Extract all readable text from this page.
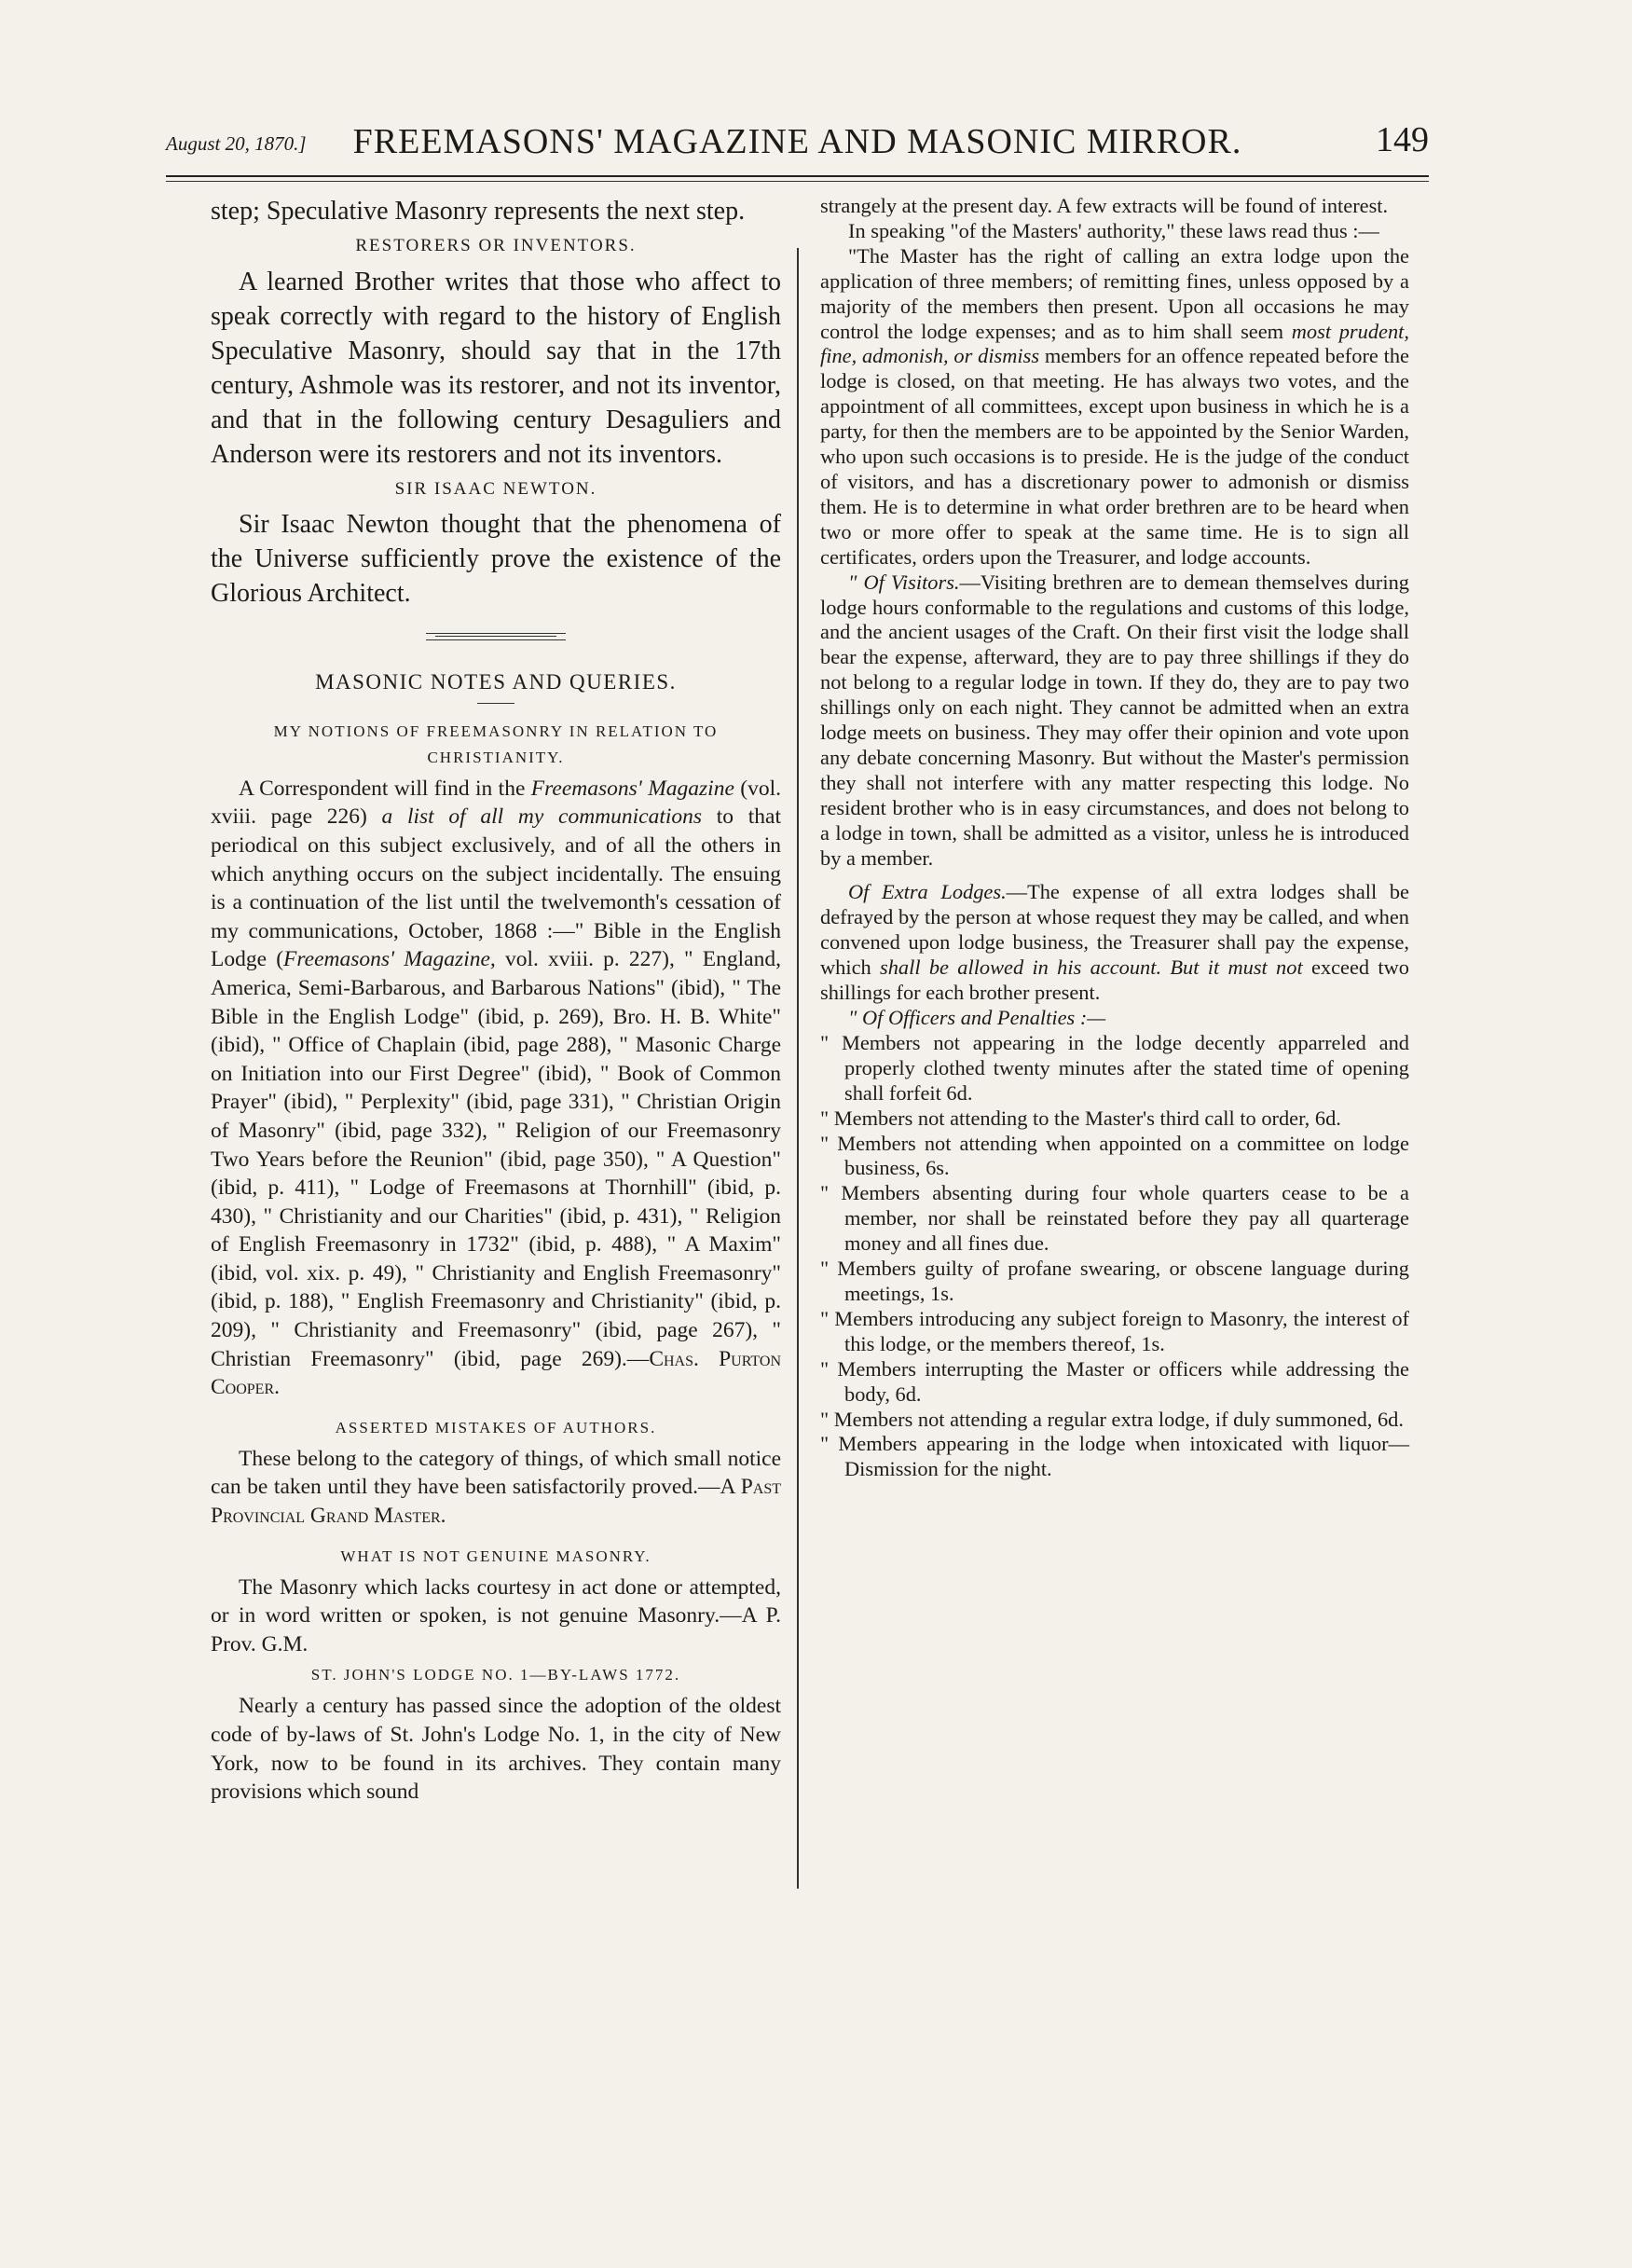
August 20, 1870.]	FREEMASONS' MAGAZINE AND MASONIC MIRROR.	149

step; Speculative Masonry represents the next step.

RESTORERS OR INVENTORS.

A learned Brother writes that those who affect to speak correctly with regard to the history of English Speculative Masonry, should say that in the 17th century, Ashmole was its restorer, and not its inventor, and that in the following century Desaguliers and Anderson were its restorers and not its inventors.

SIR ISAAC NEWTON.

Sir Isaac Newton thought that the phenomena of the Universe sufficiently prove the existence of the Glorious Architect.

MASONIC NOTES AND QUERIES.
MY NOTIONS OF FREEMASONRY IN RELATION TO CHRISTIANITY.

A Correspondent will find in the Freemasons' Magazine (vol. xviii. page 226) a list of all my communications to that periodical on this subject exclusively, and of all the others in which anything occurs on the subject incidentally. The ensuing is a continuation of the list until the twelvemonth's cessation of my communications, October, 1868 :—" Bible in the English Lodge (Freemasons' Magazine, vol. xviii. p. 227), " England, America, Semi-Barbarous, and Barbarous Nations" (ibid), " The Bible in the English Lodge" (ibid, p. 269), Bro. H. B. White" (ibid), " Office of Chaplain (ibid, page 288), " Masonic Charge on Initiation into our First Degree" (ibid), " Book of Common Prayer" (ibid), " Perplexity" (ibid, page 331), " Christian Origin of Masonry" (ibid, page 332), " Religion of our Freemasonry Two Years before the Reunion" (ibid, page 350), " A Question" (ibid, p. 411), " Lodge of Freemasons at Thornhill" (ibid, p. 430), " Christianity and our Charities" (ibid, p. 431), " Religion of English Freemasonry in 1732" (ibid, p. 488), " A Maxim" (ibid, vol. xix. p. 49), " Christianity and English Freemasonry" (ibid, p. 188), " English Freemasonry and Christianity" (ibid, p. 209), " Christianity and Freemasonry" (ibid, page 267), " Christian Freemasonry" (ibid, page 269).—Chas. Purton Cooper.

ASSERTED MISTAKES OF AUTHORS.

These belong to the category of things, of which small notice can be taken until they have been satisfactorily proved.—A Past Provincial Grand Master.

WHAT IS NOT GENUINE MASONRY.

The Masonry which lacks courtesy in act done or attempted, or in word written or spoken, is not genuine Masonry.—A P. Prov. G.M.

ST. JOHN'S LODGE NO. 1—BY-LAWS 1772.

Nearly a century has passed since the adoption of the oldest code of by-laws of St. John's Lodge No. 1, in the city of New York, now to be found in its archives. They contain many provisions which sound

strangely at the present day. A few extracts will be found of interest.

In speaking "of the Masters' authority," these laws read thus :—

"The Master has the right of calling an extra lodge upon the application of three members; of remitting fines, unless opposed by a majority of the members then present. Upon all occasions he may control the lodge expenses; and as to him shall seem most prudent, fine, admonish, or dismiss members for an offence repeated before the lodge is closed, on that meeting. He has always two votes, and the appointment of all committees, except upon business in which he is a party, for then the members are to be appointed by the Senior Warden, who upon such occasions is to preside. He is the judge of the conduct of visitors, and has a discretionary power to admonish or dismiss them. He is to determine in what order brethren are to be heard when two or more offer to speak at the same time. He is to sign all certificates, orders upon the Treasurer, and lodge accounts.

" Of Visitors.—Visiting brethren are to demean themselves during lodge hours conformable to the regulations and customs of this lodge, and the ancient usages of the Craft. On their first visit the lodge shall bear the expense, afterward, they are to pay three shillings if they do not belong to a regular lodge in town. If they do, they are to pay two shillings only on each night. They cannot be admitted when an extra lodge meets on business. They may offer their opinion and vote upon any debate concerning Masonry. But without the Master's permission they shall not interfere with any matter respecting this lodge. No resident brother who is in easy circumstances, and does not belong to a lodge in town, shall be admitted as a visitor, unless he is introduced by a member.

Of Extra Lodges.—The expense of all extra lodges shall be defrayed by the person at whose request they may be called, and when convened upon lodge business, the Treasurer shall pay the expense, which shall be allowed in his account. But it must not exceed two shillings for each brother present.

" Of Officers and Penalties :—

" Members not appearing in the lodge decently apparreled and properly clothed twenty minutes after the stated time of opening shall forfeit 6d.

" Members not attending to the Master's third call to order, 6d.

" Members not attending when appointed on a committee on lodge business, 6s.

" Members absenting during four whole quarters cease to be a member, nor shall be reinstated before they pay all quarterage money and all fines due.

" Members guilty of profane swearing, or obscene language during meetings, 1s.

" Members introducing any subject foreign to Masonry, the interest of this lodge, or the members thereof, 1s.

" Members interrupting the Master or officers while addressing the body, 6d.

" Members not attending a regular extra lodge, if duly summoned, 6d.

" Members appearing in the lodge when intoxicated with liquor—Dismission for the night.
